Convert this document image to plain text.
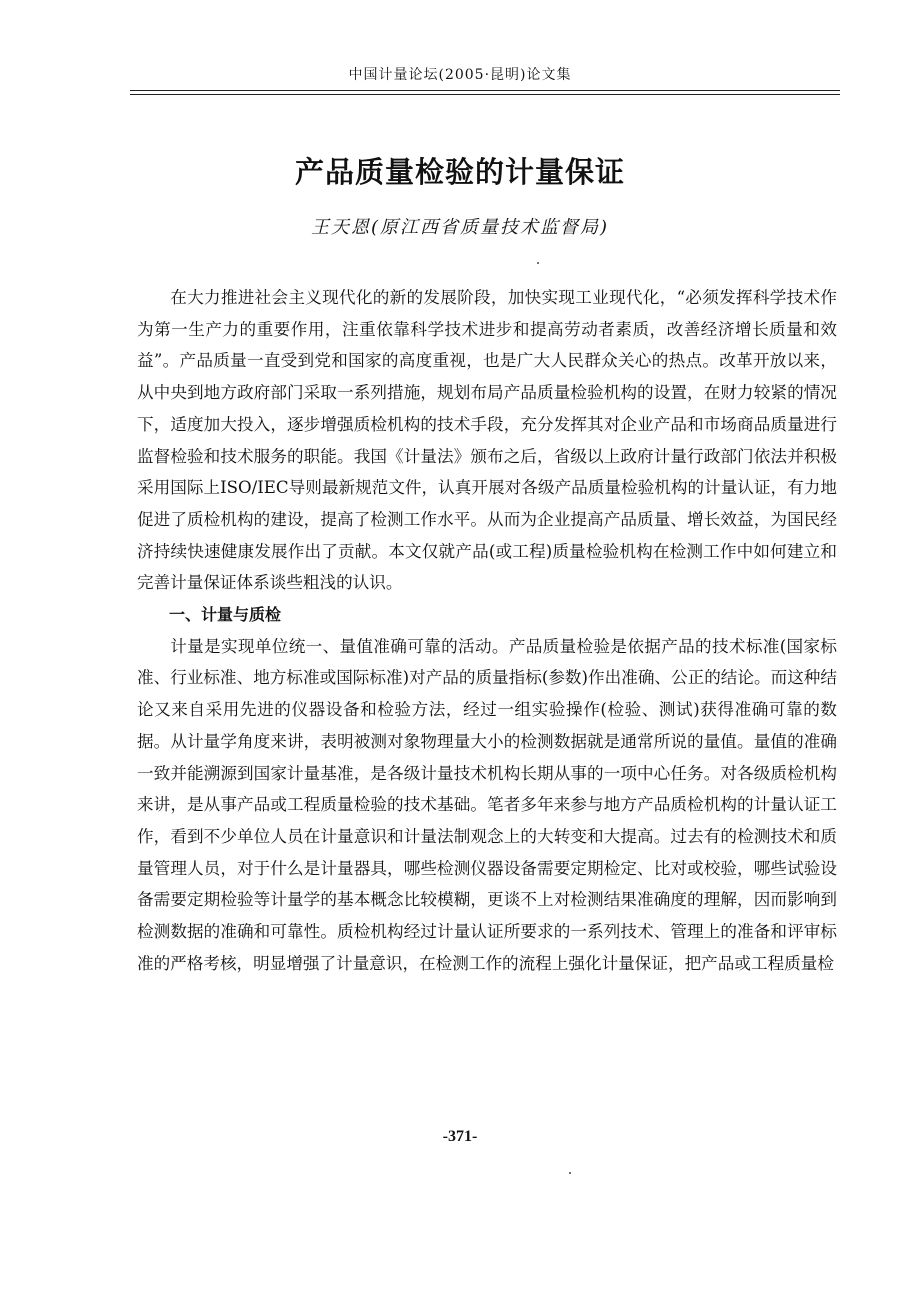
中国计量论坛(2005·昆明)论文集
产品质量检验的计量保证
王天恩(原江西省质量技术监督局)

在大力推进社会主义现代化的新的发展阶段，加快实现工业现代化，“必须发挥科学技术作为第一生产力的重要作用，注重依靠科学技术进步和提高劳动者素质，改善经济增长质量和效益”。产品质量一直受到党和国家的高度重视，也是广大人民群众关心的热点。改革开放以来，从中央到地方政府部门采取一系列措施，规划布局产品质量检验机构的设置，在财力较紧的情况下，适度加大投入，逐步增强质检机构的技术手段，充分发挥其对企业产品和市场商品质量进行监督检验和技术服务的职能。我国《计量法》颁布之后，省级以上政府计量行政部门依法并积极采用国际上ISO/IEC导则最新规范文件，认真开展对各级产品质量检验机构的计量认证，有力地促进了质检机构的建设，提高了检测工作水平。从而为企业提高产品质量、增长效益，为国民经济持续快速健康发展作出了贡献。本文仅就产品(或工程)质量检验机构在检测工作中如何建立和完善计量保证体系谈些粗浅的认识。

一、计量与质检

计量是实现单位统一、量值准确可靠的活动。产品质量检验是依据产品的技术标准(国家标准、行业标准、地方标准或国际标准)对产品的质量指标(参数)作出准确、公正的结论。而这种结论又来自采用先进的仪器设备和检验方法，经过一组实验操作(检验、测试)获得准确可靠的数据。从计量学角度来讲，表明被测对象物理量大小的检测数据就是通常所说的量值。量值的准确一致并能溯源到国家计量基准，是各级计量技术机构长期从事的一项中心任务。对各级质检机构来讲，是从事产品或工程质量检验的技术基础。笔者多年来参与地方产品质检机构的计量认证工作，看到不少单位人员在计量意识和计量法制观念上的大转变和大提高。过去有的检测技术和质量管理人员，对于什么是计量器具，哪些检测仪器设备需要定期检定、比对或校验，哪些试验设备需要定期检验等计量学的基本概念比较模糊，更谈不上对检测结果准确度的理解，因而影响到检测数据的准确和可靠性。质检机构经过计量认证所要求的一系列技术、管理上的准备和评审标准的严格考核，明显增强了计量意识，在检测工作的流程上强化计量保证，把产品或工程质量检

-371-
